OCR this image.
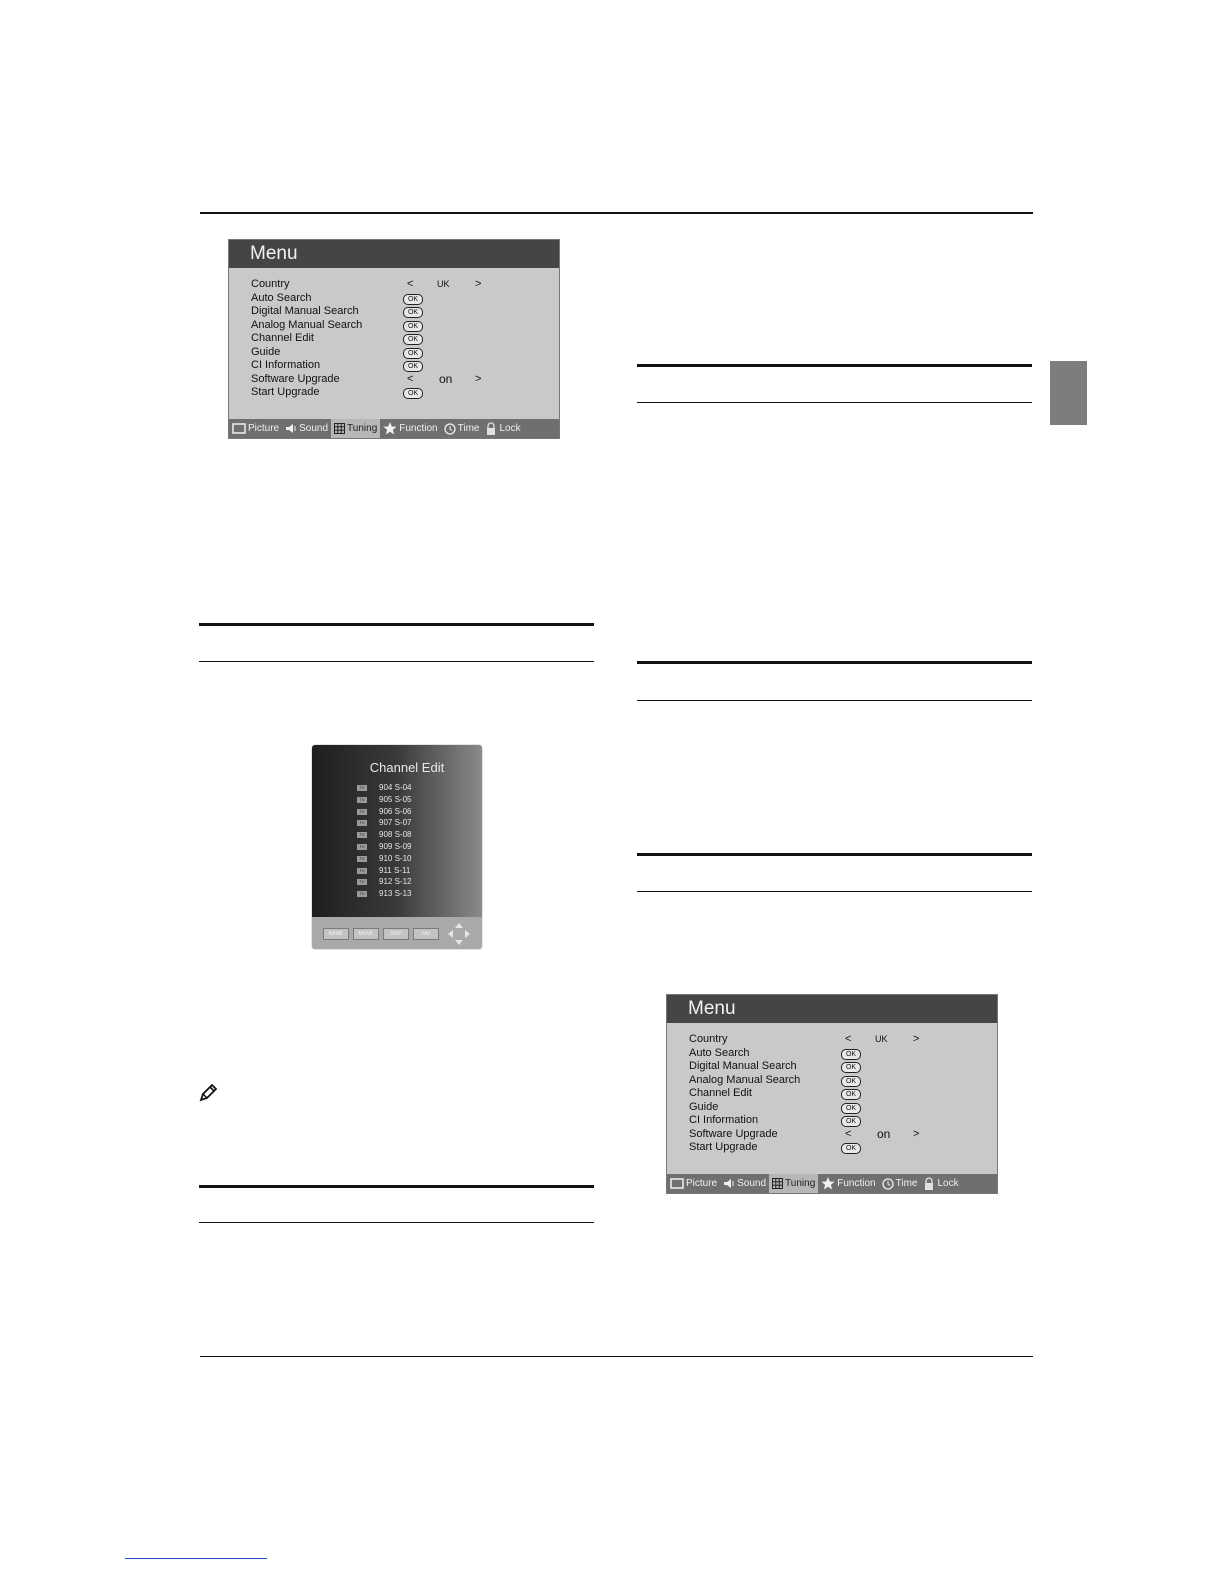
Menu
Country	<	UK >
Auto Search	OK
Digital Manual Search	OK
Analog Manual Search	OK
Channel Edit	OK
Guide	OK
CI Information	OK
Software Upgrade	< on >
Start Upgrade	OK
Picture Sound Tuning Function Time Lock
Channel Edit
TV	904 S-04
TV	905 S-05
TV	906 S-06
TV	907 S-07
TV	908 S-08
TV	909 S-09
TV	910 S-10
TV	911 S-11
TV	912 S-12
TV	913 S-13
NAME	MOVE	SKIP	FAV
Menu
Country	<	UK >
Auto Search	OK
Digital Manual Search	OK
Analog Manual Search	OK
Channel Edit	OK
Guide	OK
CI Information	OK
Software Upgrade	< on >
Start Upgrade	OK
Picture Sound Tuning Function Time Lock
